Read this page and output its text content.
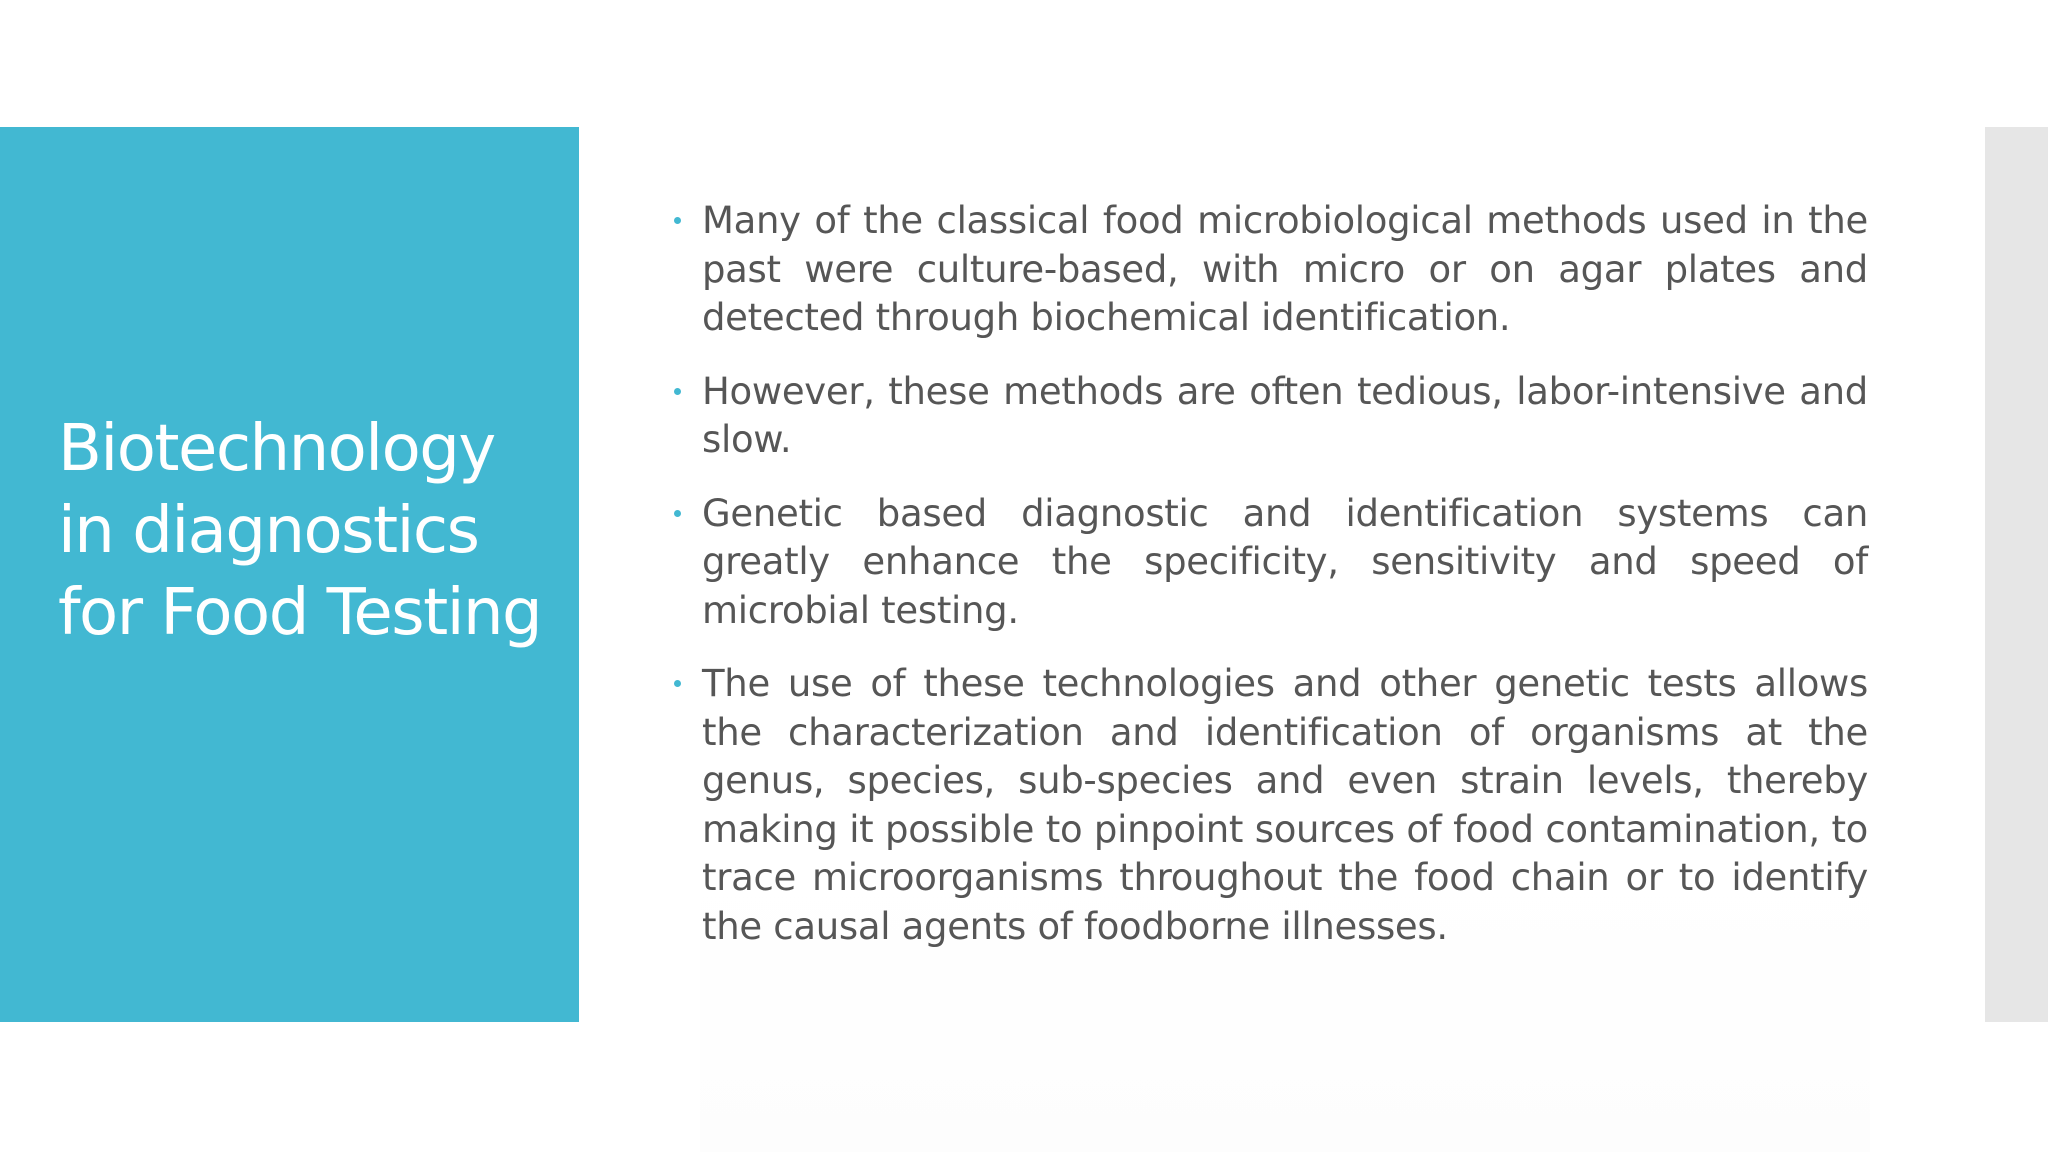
Biotechnology in diagnostics for Food Testing
Many of the classical food microbiological methods used in the past were culture-based, with micro or on agar plates and detected through biochemical identification.
However, these methods are often tedious, labor-intensive and slow.
Genetic based diagnostic and identification systems can greatly enhance the specificity, sensitivity and speed of microbial testing.
The use of these technologies and other genetic tests allows the characterization and identification of organisms at the genus, species, sub-species and even strain levels, thereby making it possible to pinpoint sources of food contamination, to trace microorganisms throughout the food chain or to identify the causal agents of foodborne illnesses.
